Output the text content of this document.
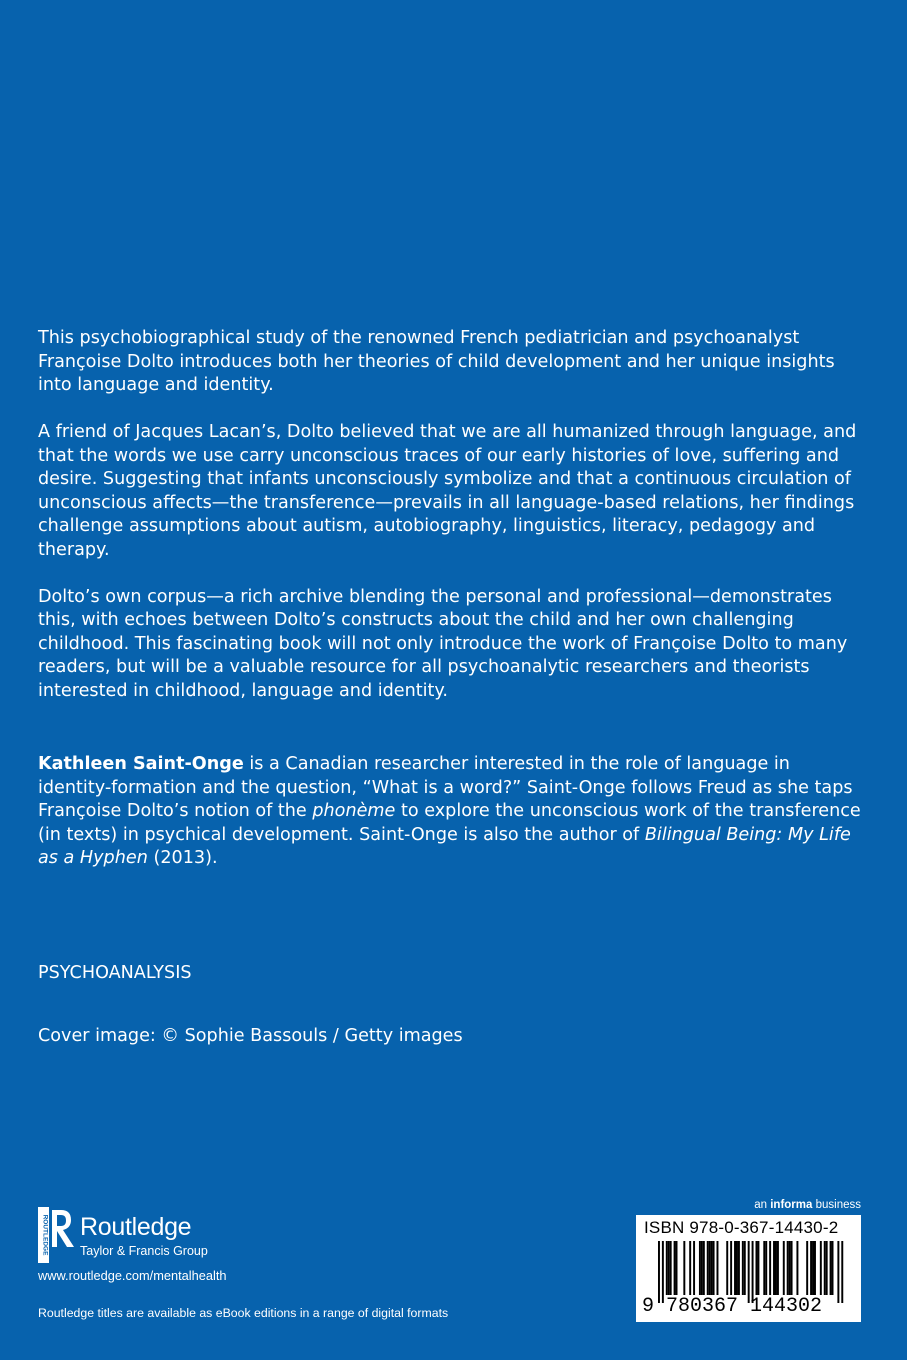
This psychobiographical study of the renowned French pediatrician and psychoanalyst Françoise Dolto introduces both her theories of child development and her unique insights into language and identity.

A friend of Jacques Lacan’s, Dolto believed that we are all humanized through language, and that the words we use carry unconscious traces of our early histories of love, suffering and desire. Suggesting that infants unconsciously symbolize and that a continuous circulation of unconscious affects—the transference—prevails in all language-based relations, her findings challenge assumptions about autism, autobiography, linguistics, literacy, pedagogy and therapy.

Dolto’s own corpus—a rich archive blending the personal and professional—demonstrates this, with echoes between Dolto’s constructs about the child and her own challenging childhood. This fascinating book will not only introduce the work of Françoise Dolto to many readers, but will be a valuable resource for all psychoanalytic researchers and theorists interested in childhood, language and identity.

Kathleen Saint-Onge is a Canadian researcher interested in the role of language in identity-formation and the question, “What is a word?” Saint-Onge follows Freud as she taps Françoise Dolto’s notion of the phonème to explore the unconscious work of the transference (in texts) in psychical development. Saint-Onge is also the author of Bilingual Being: My Life as a Hyphen (2013).

PSYCHOANALYSIS

Cover image: © Sophie Bassouls / Getty images

ROUTLEDGE Routledge
Taylor & Francis Group

www.routledge.com/mentalhealth

Routledge titles are available as eBook editions in a range of digital formats

an informa business

ISBN 978-0-367-14430-2
9 780367 144302
